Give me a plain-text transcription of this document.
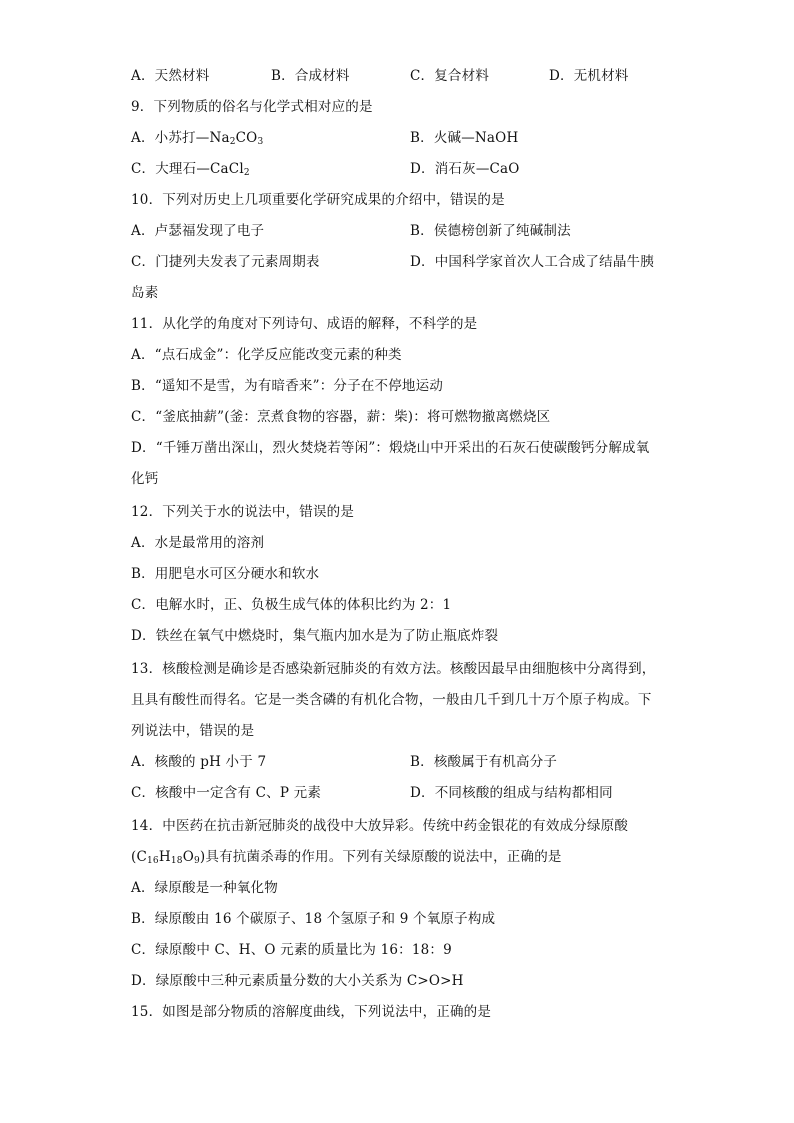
A．天然材料	B．合成材料	C．复合材料	D．无机材料
9．下列物质的俗名与化学式相对应的是
A．小苏打$—Na_2CO_3$	B．火碱—NaOH
C．大理石—CaCl$_2$	D．消石灰—CaO
10．下列对历史上几项重要化学研究成果的介绍中，错误的是
A．卢瑟福发现了电子	B．侯德榜创新了纯碱制法
C．门捷列夫发表了元素周期表	D．中国科学家首次人工合成了结晶牛胰
岛素
11．从化学的角度对下列诗句、成语的解释，不科学的是
A．“点石成金”：化学反应能改变元素的种类
B．“遥知不是雪，为有暗香来”：分子在不停地运动
C．“釜底抽薪”(釜：烹煮食物的容器，薪：柴)：将可燃物撤离燃烧区
D．“千锤万凿出深山，烈火焚烧若等闲”：煅烧山中开采出的石灰石使碳酸钙分解成氧
化钙
12．下列关于水的说法中，错误的是
A．水是最常用的溶剂
B．用肥皂水可区分硬水和软水
C．电解水时，正、负极生成气体的体积比约为 2：1
D．铁丝在氧气中燃烧时，集气瓶内加水是为了防止瓶底炸裂
13．核酸检测是确诊是否感染新冠肺炎的有效方法。核酸因最早由细胞核中分离得到，
且具有酸性而得名。它是一类含磷的有机化合物，一般由几千到几十万个原子构成。下
列说法中，错误的是
A．核酸的 pH 小于 7	B．核酸属于有机高分子
C．核酸中一定含有 C、P 元素	D．不同核酸的组成与结构都相同
14．中医药在抗击新冠肺炎的战役中大放异彩。传统中药金银花的有效成分绿原酸
$(C_{16}H_{18}O_9)$具有抗菌杀毒的作用。下列有关绿原酸的说法中，正确的是
A．绿原酸是一种氧化物
B．绿原酸由 16 个碳原子、18 个氢原子和 9 个氧原子构成
C．绿原酸中 C、H、O 元素的质量比为 16：18：9
D．绿原酸中三种元素质量分数的大小关系为 C>O>H
15．如图是部分物质的溶解度曲线，下列说法中，正确的是
